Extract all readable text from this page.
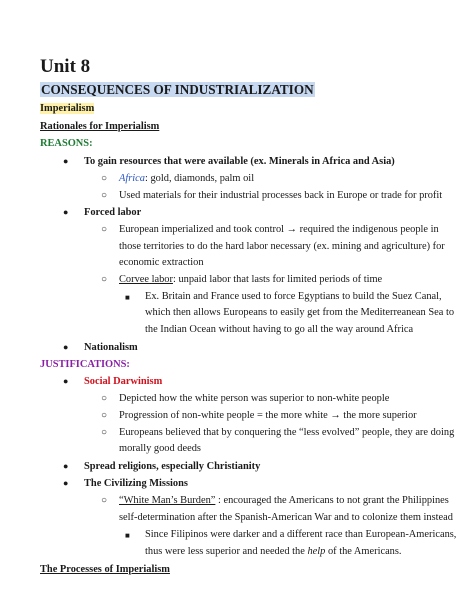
Unit 8
CONSEQUENCES OF INDUSTRIALIZATION
Imperialism
Rationales for Imperialism
REASONS:
● To gain resources that were available (ex. Minerals in Africa and Asia)
○ Africa: gold, diamonds, palm oil
○ Used materials for their industrial processes back in Europe or trade for profit
● Forced labor
○ European imperialized and took control → required the indigenous people in
those territories to do the hard labor necessary (ex. mining and agriculture) for
economic extraction
○ Corvee labor: unpaid labor that lasts for limited periods of time
■ Ex. Britain and France used to force Egyptians to build the Suez Canal,
which then allows Europeans to easily get from the Mediterreanean Sea to
the Indian Ocean without having to go all the way around Africa
● Nationalism
JUSTIFICATIONS:
● Social Darwinism
○ Depicted how the white person was superior to non-white people
○ Progression of non-white people = the more white → the more superior
○ Europeans believed that by conquering the “less evolved” people, they are doing
morally good deeds
● Spread religions, especially Christianity
● The Civilizing Missions
○ “White Man’s Burden” : encouraged the Americans to not grant the Philippines
self-determination after the Spanish-American War and to colonize them instead
■ Since Filipinos were darker and a different race than European-Americans,
thus were less superior and needed the help of the Americans.
The Processes of Imperialism
